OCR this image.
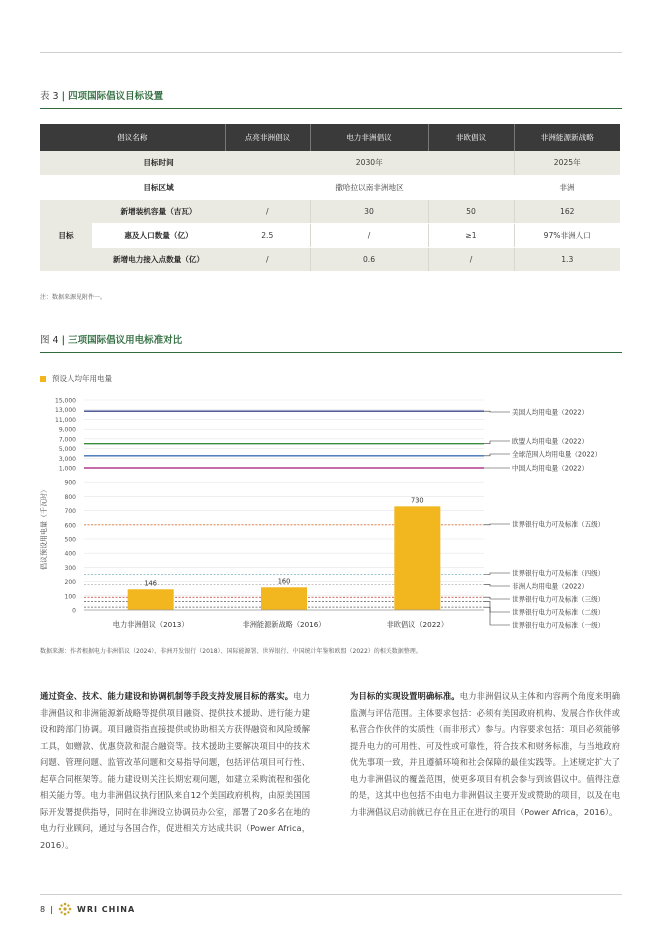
表 3 | 四项国际倡议目标设置
倡议名称		点亮非洲倡议	电力非洲倡议	非欧倡议	非洲能源新战略
	目标时间	2030年			2025年
	目标区域	撒哈拉以南非洲地区			非洲
目标	新增装机容量（吉瓦）	/	30	50	162
	惠及人口数量（亿）	2.5	/	≥1	97%非洲人口
	新增电力接入点数量（亿）	/	0.6	/	1.3
注：数据来源见附件一。
图 4 | 三项国际倡议用电标准对比
预设人均年用电量
0
100
200
300
400
500
600
700
800
900
1,000
3,000
5,000
7,000
9,000
11,000
13,000
15,000
倡议预设用电量（千瓦时）
美国人均用电量（2022）
欧盟人均用电量（2022）
全球范围人均用电量（2022）
中国人均用电量（2022）
世界银行电力可及标准（五级）
世界银行电力可及标准（四级）
非洲人均用电量（2022）
世界银行电力可及标准（三级）
世界银行电力可及标准（二级）
世界银行电力可及标准（一级）
146
电力非洲倡议（2013）
160
非洲能源新战略（2016）
730
非欧倡议（2022）
数据来源：作者根据电力非洲倡议（2024）、非洲开发银行（2018）、国际能源署、世界银行、中国统计年鉴和欧盟（2022）的相关数据整理。
通过资金、技术、能力建设和协调机制等手段支持发展目标的落实。电力非洲倡议和非洲能源新战略等提供项目融资、提供技术援助、进行能力建设和跨部门协调。项目融资指直接提供或协助相关方获得融资和风险缓解工具，如赠款、优惠贷款和混合融资等。技术援助主要解决项目中的技术问题、管理问题、监管改革问题和交易指导问题，包括评估项目可行性、起草合同框架等。能力建设则关注长期宏观问题，如建立采购流程和强化相关能力等。电力非洲倡议执行团队来自12个美国政府机构，由原美国国际开发署提供指导，同时在非洲设立协调员办公室，部署了20多名在地的电力行业顾问，通过与各国合作，促进相关方达成共识（Power Africa，2016）。
为目标的实现设置明确标准。电力非洲倡议从主体和内容两个角度来明确监测与评估范围。主体要求包括：必须有美国政府机构、发展合作伙伴或私营合作伙伴的实质性（而非形式）参与。内容要求包括：项目必须能够提升电力的可用性、可及性或可靠性，符合技术和财务标准，与当地政府优先事项一致，并且遵循环境和社会保障的最佳实践等。上述规定扩大了电力非洲倡议的覆盖范围，使更多项目有机会参与到该倡议中。值得注意的是，这其中也包括不由电力非洲倡议主要开发或赞助的项目，以及在电力非洲倡议启动前就已存在且正在进行的项目（Power Africa，2016）。
8 |	WRI CHINA
